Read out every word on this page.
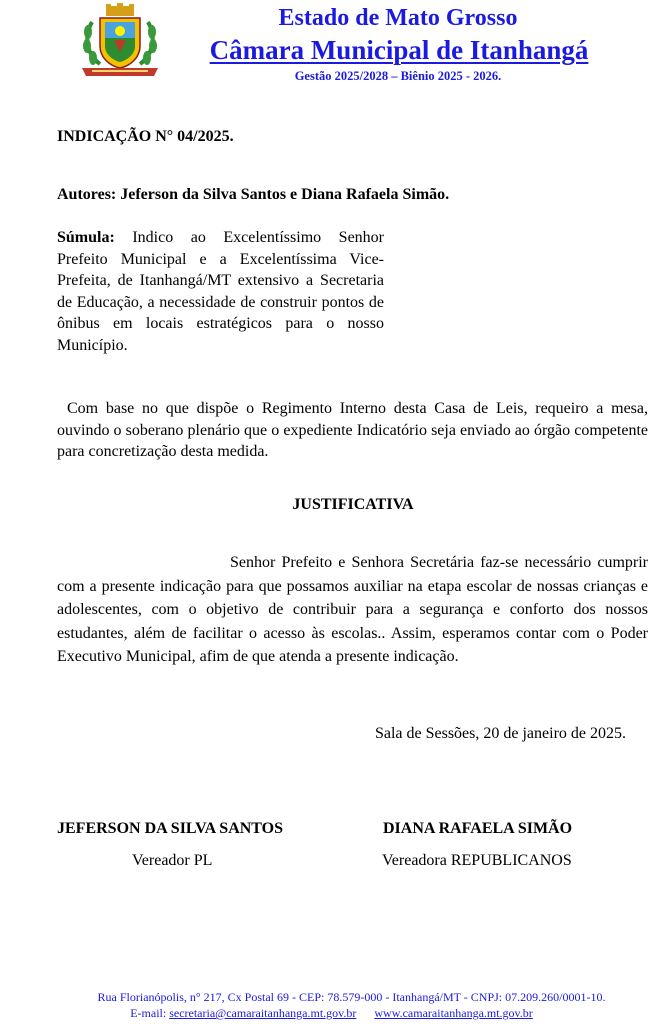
Estado de Mato Grosso
Câmara Municipal de Itanhangá
Gestão 2025/2028 – Biênio 2025 - 2026.
INDICAÇÃO N° 04/2025.
Autores: Jeferson da Silva Santos e Diana Rafaela Simão.
Súmula: Indico ao Excelentíssimo Senhor Prefeito Municipal e a Excelentíssima Vice-Prefeita, de Itanhangá/MT extensivo a Secretaria de Educação, a necessidade de construir pontos de ônibus em locais estratégicos para o nosso Município.
Com base no que dispõe o Regimento Interno desta Casa de Leis, requeiro a mesa, ouvindo o soberano plenário que o expediente Indicatório seja enviado ao órgão competente para concretização desta medida.
JUSTIFICATIVA
Senhor Prefeito e Senhora Secretária faz-se necessário cumprir com a presente indicação para que possamos auxiliar na etapa escolar de nossas crianças e adolescentes, com o objetivo de contribuir para a segurança e conforto dos nossos estudantes, além de facilitar o acesso às escolas.. Assim, esperamos contar com o Poder Executivo Municipal, afim de que atenda a presente indicação.
Sala de Sessões, 20 de janeiro de 2025.
JEFERSON DA SILVA SANTOS
Vereador PL
DIANA RAFAELA SIMÃO
Vereadora REPUBLICANOS
Rua Florianópolis, n° 217, Cx Postal 69 - CEP: 78.579-000 - Itanhangá/MT - CNPJ: 07.209.260/0001-10.
E-mail: secretaria@camaraitanhanga.mt.gov.br www.camaraitanhanga.mt.gov.br
